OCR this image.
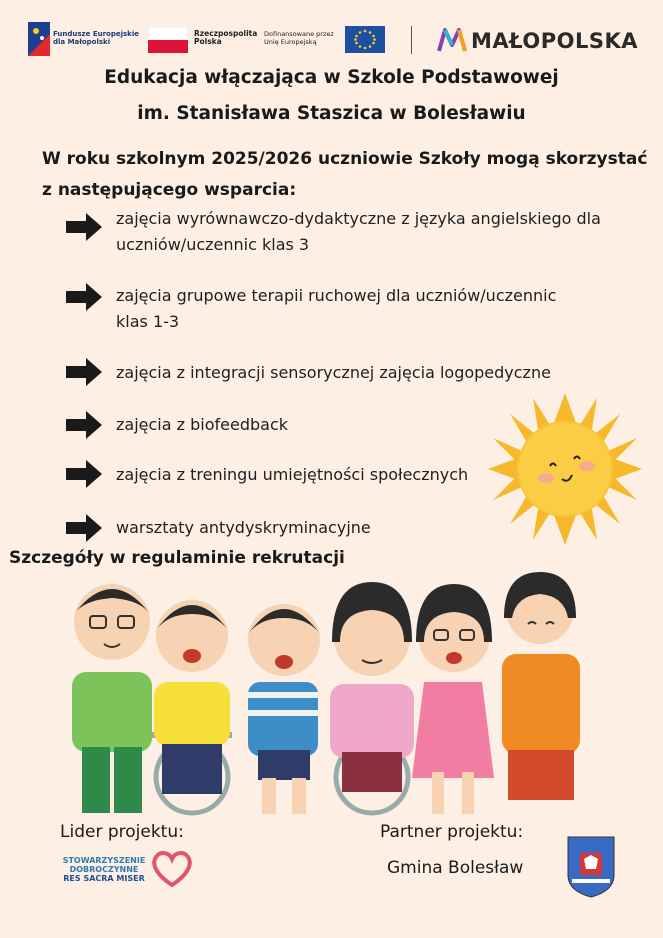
Fundusze Europejskie
dla Małopolski
Rzeczpospolita
Polska
Dofinansowane przez
Unię Europejską	MAŁOPOLSKA
Edukacja włączająca w Szkole Podstawowej
im. Stanisława Staszica w Bolesławiu
W roku szkolnym 2025/2026 uczniowie Szkoły mogą skorzystać
z następującego wsparcia:
zajęcia wyrównawczo-dydaktyczne z języka angielskiego dla
uczniów/uczennic klas 3
zajęcia grupowe terapii ruchowej dla uczniów/uczennic
klas 1-3
zajęcia z integracji sensorycznej zajęcia logopedyczne
zajęcia z biofeedback
zajęcia z treningu umiejętności społecznych
warsztaty antydyskryminacyjne
Szczegóły w regulaminie rekrutacji
Lider projektu:
STOWARZYSZENIE
DOBROCZYNNE
RES SACRA MISER
Partner projektu:
Gmina Bolesław
